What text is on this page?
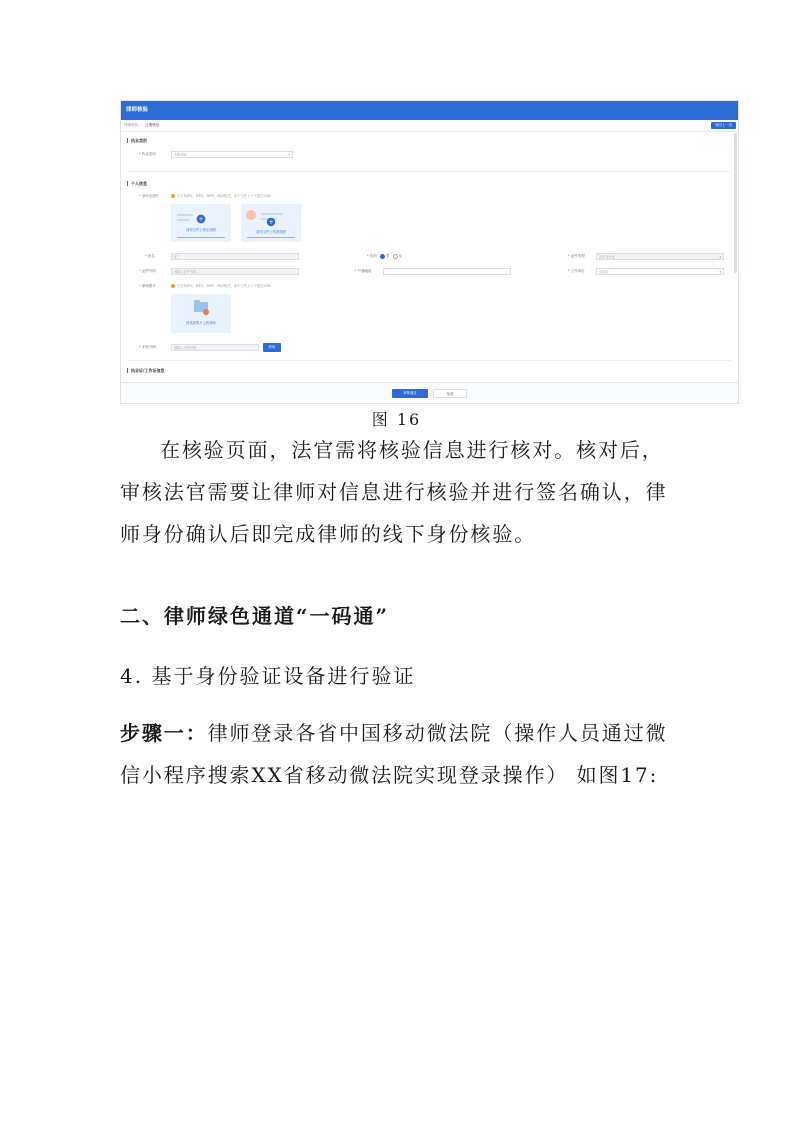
律师核验
律师核验 › 注册核验	返回上一页
执业类别
*执业类别	专职律师	▾
个人信息
*身份证照片	仅支持JPG、JPEG、BMP、PNG格式，单个文件大小不超过20M
+
请将文件上传正面照
+
请将文件上传背面照
*姓名	张三	*性别	男	女	*证件类型	居民身份证	▾
*证件号码	请输入证件号码	*户籍地址	*工作单位	请选择	▾
*律师照片	仅支持JPG、JPEG、BMP、PNG格式，单个文件大小不超过20M
请选择图片上传律师
*手机号码	请输入手机号码	获取
执业证/工作证信息
审核通过	取消
图 16

在核验页面，法官需将核验信息进行核对。核对后，审核法官需要让律师对信息进行核验并进行签名确认，律师身份确认后即完成律师的线下身份核验。

二、律师绿色通道“一码通”
4. 基于身份验证设备进行验证

步骤一：律师登录各省中国移动微法院（操作人员通过微信小程序搜索XX省移动微法院实现登录操作） 如图17:
